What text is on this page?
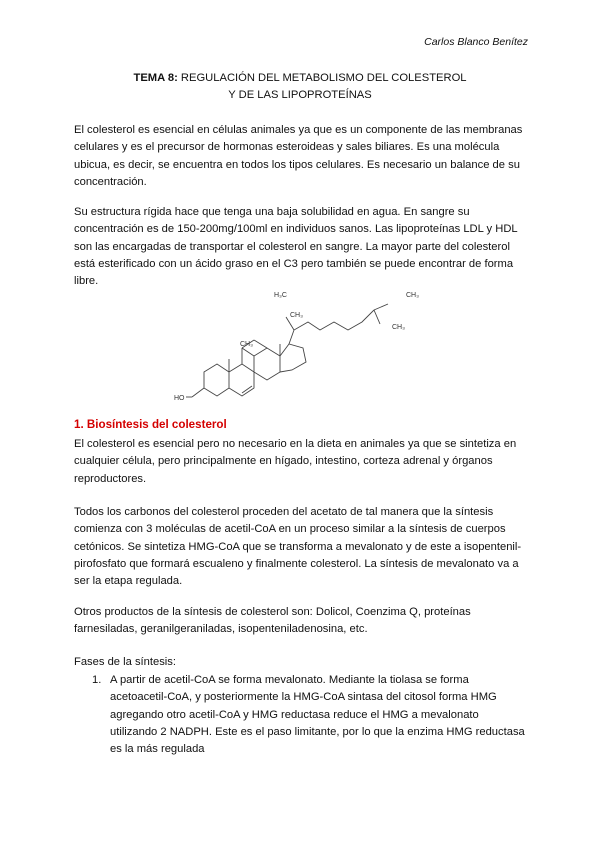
Carlos Blanco Benítez
TEMA 8: REGULACIÓN DEL METABOLISMO DEL COLESTEROL
Y DE LAS LIPOPROTEÍNAS

El colesterol es esencial en células animales ya que es un componente de las membranas celulares y es el precursor de hormonas esteroideas y sales biliares. Es una molécula ubicua, es decir, se encuentra en todos los tipos celulares. Es necesario un balance de su concentración.

Su estructura rígida hace que tenga una baja solubilidad en agua. En sangre su concentración es de 150-200mg/100ml en individuos sanos. Las lipoproteínas LDL y HDL son las encargadas de transportar el colesterol en sangre. La mayor parte del colesterol está esterificado con un ácido graso en el C3 pero también se puede encontrar de forma libre.

H₃C	CH₃
CH₃
CH₃
CH₃
HO
1. Biosíntesis del colesterol

El colesterol es esencial pero no necesario en la dieta en animales ya que se sintetiza en cualquier célula, pero principalmente en hígado, intestino, corteza adrenal y órganos reproductores.

Todos los carbonos del colesterol proceden del acetato de tal manera que la síntesis comienza con 3 moléculas de acetil-CoA en un proceso similar a la síntesis de cuerpos cetónicos. Se sintetiza HMG-CoA que se transforma a mevalonato y de este a isopentenil-pirofosfato que formará escualeno y finalmente colesterol. La síntesis de mevalonato va a ser la etapa regulada.

Otros productos de la síntesis de colesterol son: Dolicol, Coenzima Q, proteínas farnesiladas, geranilgeraniladas, isopenteniladenosina, etc.

Fases de la síntesis:

1. A partir de acetil-CoA se forma mevalonato. Mediante la tiolasa se forma acetoacetil-CoA, y posteriormente la HMG-CoA sintasa del citosol forma HMG agregando otro acetil-CoA y HMG reductasa reduce el HMG a mevalonato utilizando 2 NADPH. Este es el paso limitante, por lo que la enzima HMG reductasa es la más regulada
